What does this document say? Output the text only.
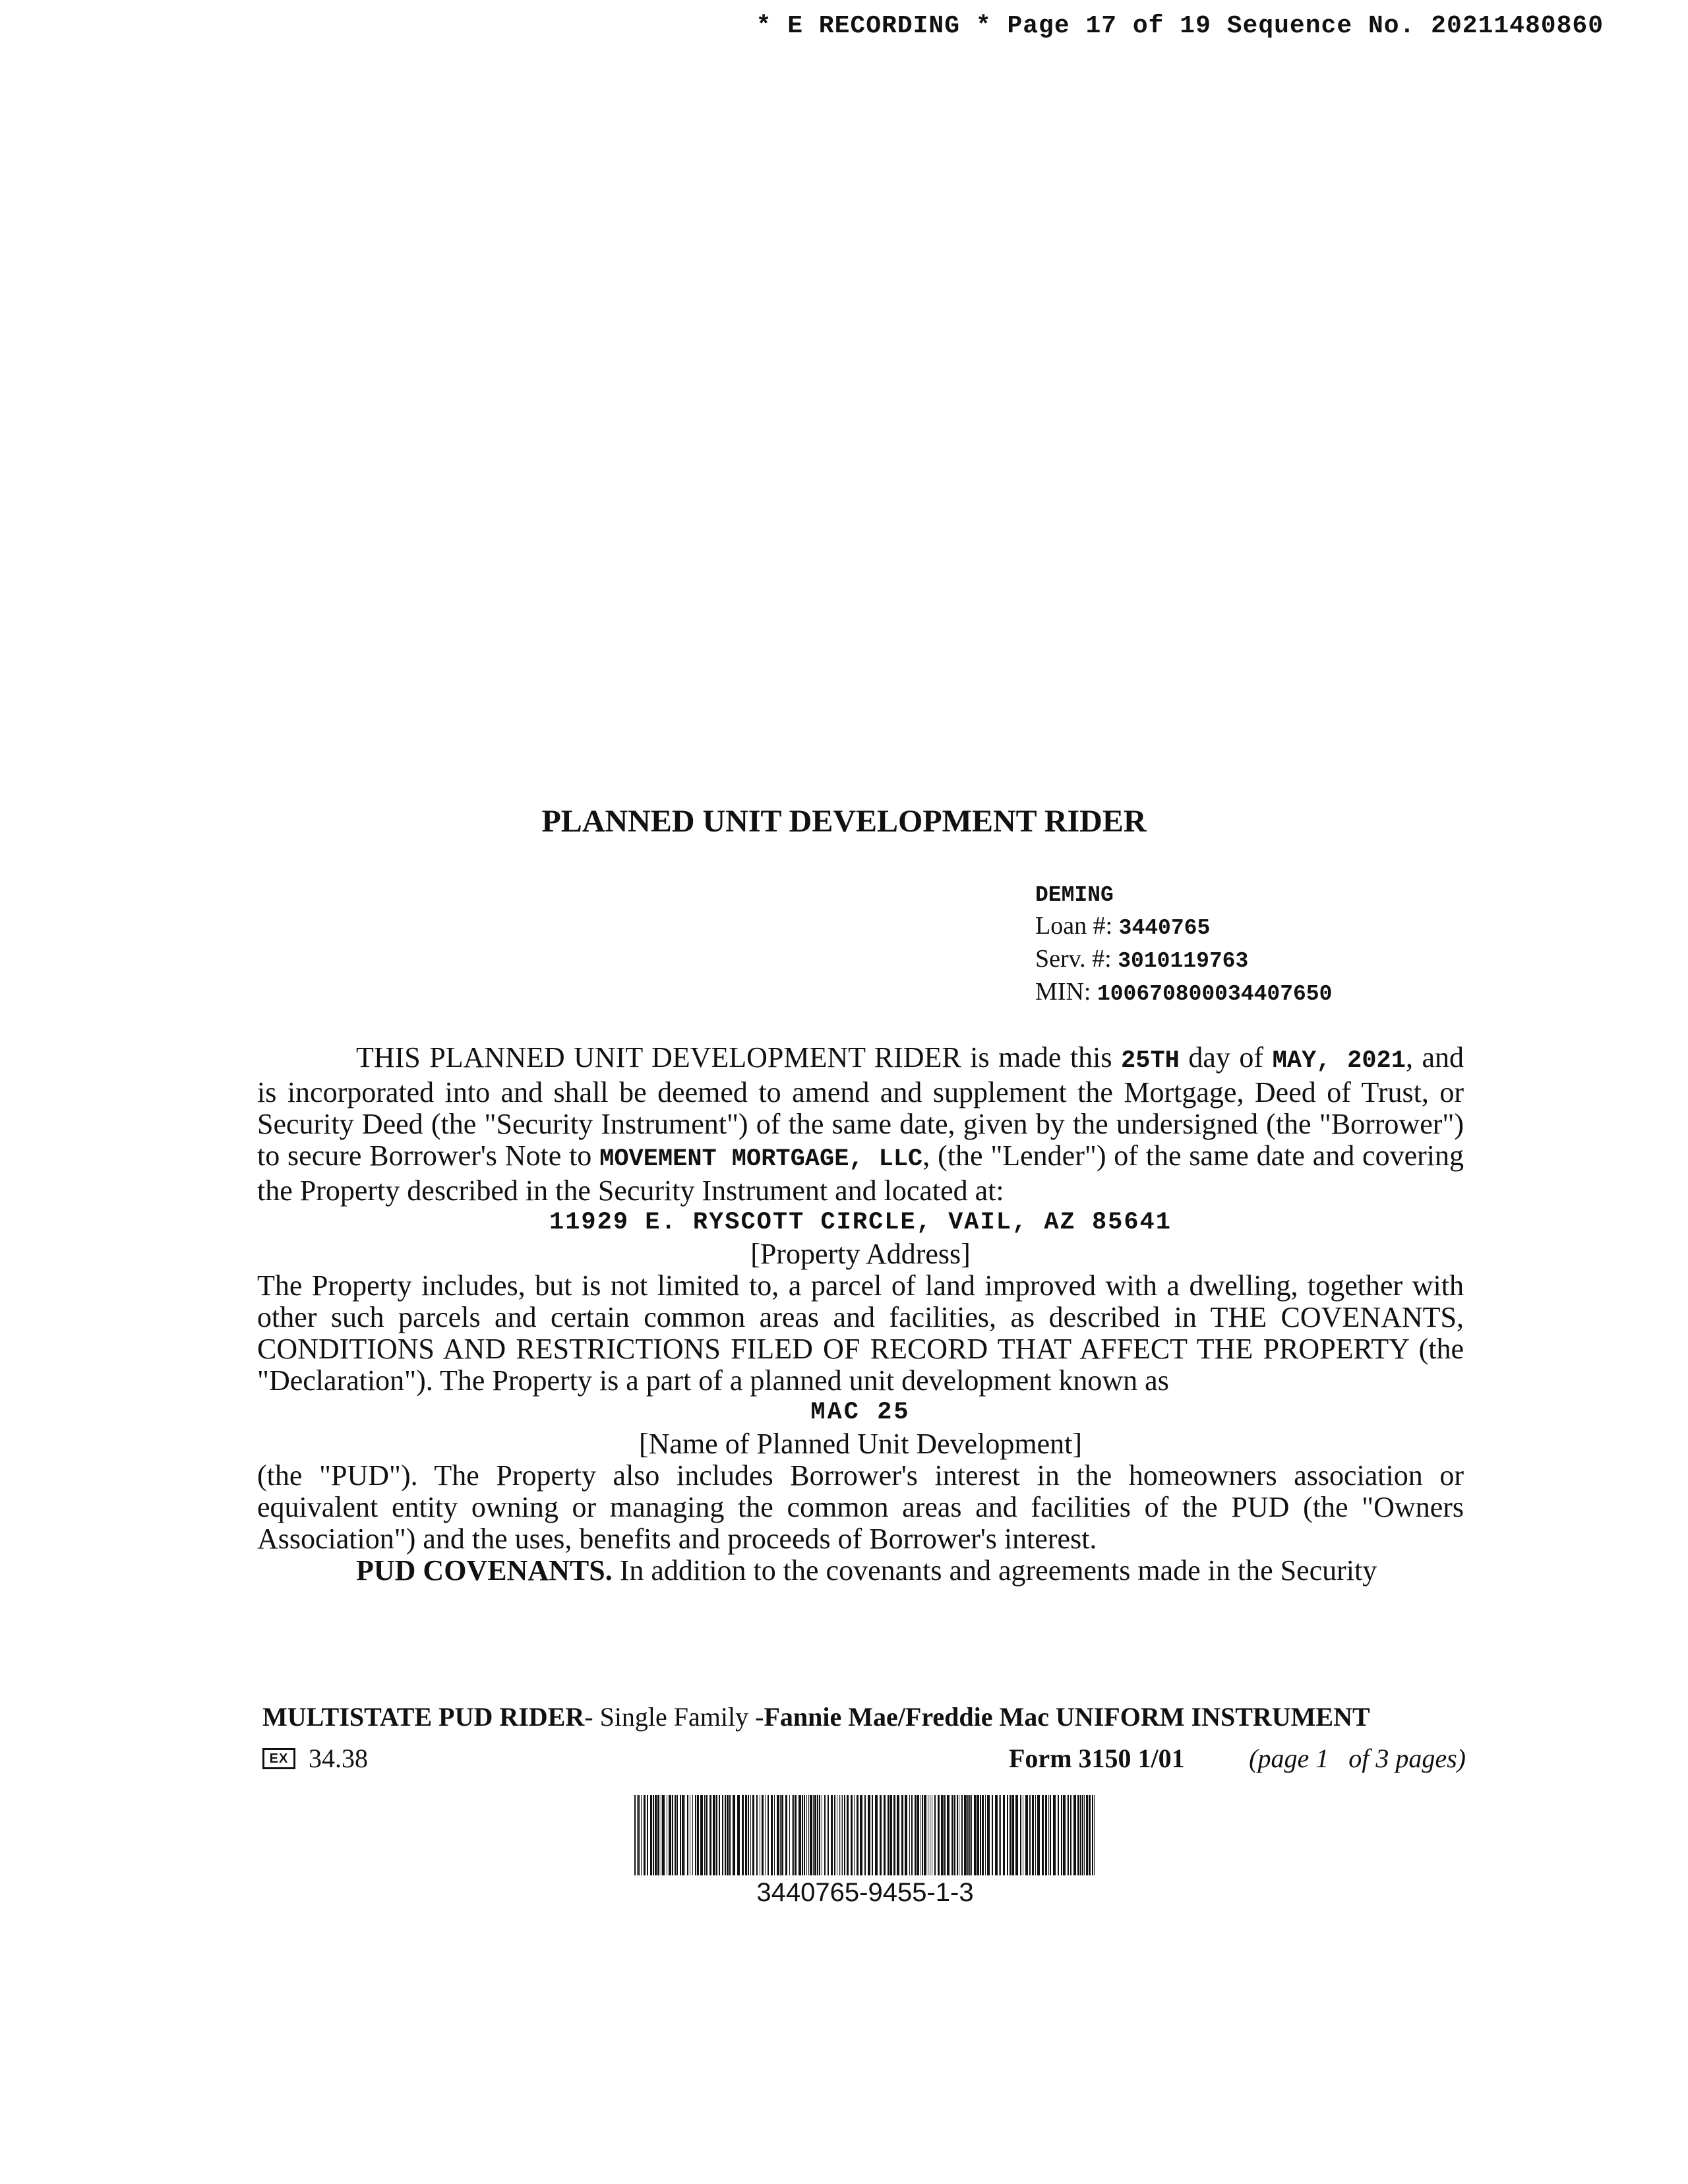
* E RECORDING * Page 17 of 19 Sequence No. 20211480860
PLANNED UNIT DEVELOPMENT RIDER
DEMING
Loan #: 3440765
Serv. #: 3010119763
MIN: 100670800034407650

THIS PLANNED UNIT DEVELOPMENT RIDER is made this 25TH day of MAY, 2021, and is incorporated into and shall be deemed to amend and supplement the Mortgage, Deed of Trust, or Security Deed (the "Security Instrument") of the same date, given by the undersigned (the "Borrower") to secure Borrower's Note to MOVEMENT MORTGAGE, LLC, (the "Lender") of the same date and covering the Property described in the Security Instrument and located at:

11929 E. RYSCOTT CIRCLE, VAIL, AZ 85641

[Property Address]

The Property includes, but is not limited to, a parcel of land improved with a dwelling, together with other such parcels and certain common areas and facilities, as described in THE COVENANTS, CONDITIONS AND RESTRICTIONS FILED OF RECORD THAT AFFECT THE PROPERTY (the "Declaration"). The Property is a part of a planned unit development known as

MAC 25

[Name of Planned Unit Development]

(the "PUD"). The Property also includes Borrower's interest in the homeowners association or equivalent entity owning or managing the common areas and facilities of the PUD (the "Owners Association") and the uses, benefits and proceeds of Borrower's interest.

PUD COVENANTS. In addition to the covenants and agreements made in the Security

MULTISTATE PUD RIDER- Single Family -Fannie Mae/Freddie Mac UNIFORM INSTRUMENT
EX 34.38	Form 3150 1/01 (page 1   of 3 pages)
3440765-9455-1-3
